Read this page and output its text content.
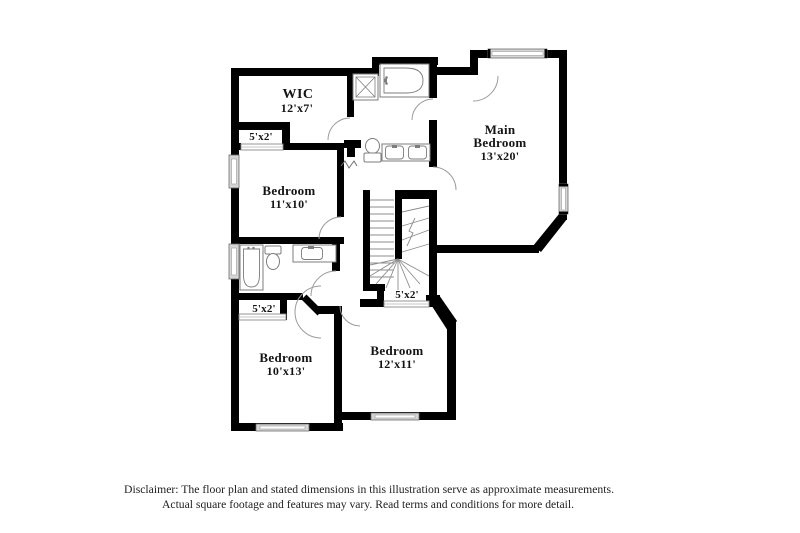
WIC
12'x7'
5'x2'
Bedroom
11'x10'
Main
Bedroom
13'x20'
5'x2'
5'x2'
Bedroom
10'x13'
Bedroom
12'x11'
Disclaimer: The floor plan and stated dimensions in this illustration serve as approximate measurements.
Actual square footage and features may vary. Read terms and conditions for more detail.
